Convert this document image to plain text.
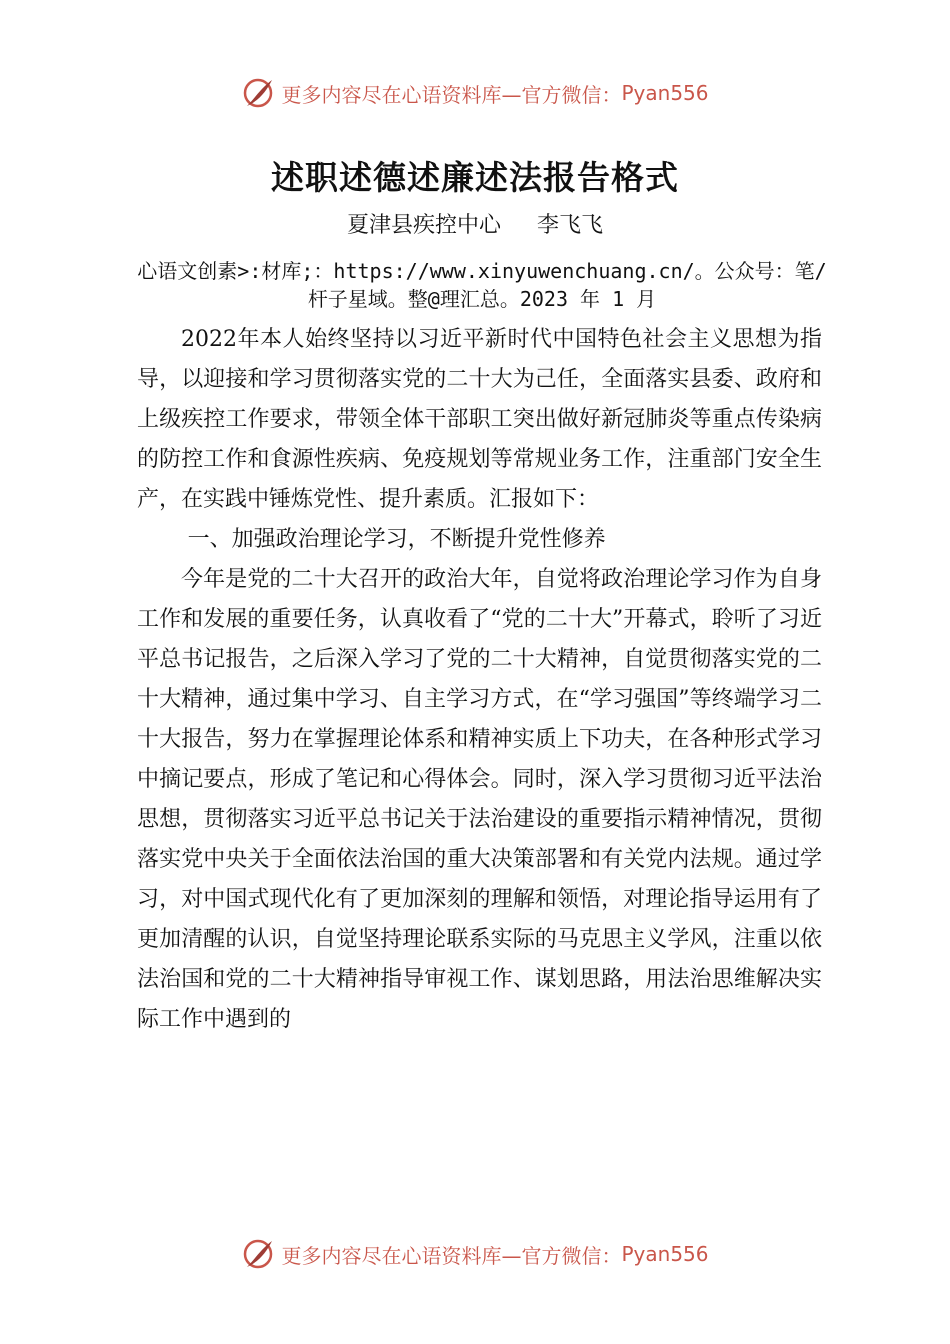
更多内容尽在心语资料库— 官方微信： Pyan556
述职述德述廉述法报告格式
夏津县疾控中心 李飞飞
心语文创素>:材库;：https://www.xinyuwenchuang.cn/。公众号：笔/杆子星域。整@理汇总。2023 年 1 月

2022年本人始终坚持以习近平新时代中国特色社会主义思想为指导，以迎接和学习贯彻落实党的二十大为己任，全面落实县委、政府和上级疾控工作要求，带领全体干部职工突出做好新冠肺炎等重点传染病的防控工作和食源性疾病、免疫规划等常规业务工作，注重部门安全生产，在实践中锤炼党性、提升素质。汇报如下：

一、加强政治理论学习，不断提升党性修养

今年是党的二十大召开的政治大年，自觉将政治理论学习作为自身工作和发展的重要任务，认真收看了“党的二十大”开幕式，聆听了习近平总书记报告，之后深入学习了党的二十大精神，自觉贯彻落实党的二十大精神，通过集中学习、自主学习方式，在“学习强国”等终端学习二十大报告，努力在掌握理论体系和精神实质上下功夫，在各种形式学习中摘记要点，形成了笔记和心得体会。同时，深入学习贯彻习近平法治思想，贯彻落实习近平总书记关于法治建设的重要指示精神情况，贯彻落实党中央关于全面依法治国的重大决策部署和有关党内法规。通过学习，对中国式现代化有了更加深刻的理解和领悟，对理论指导运用有了更加清醒的认识，自觉坚持理论联系实际的马克思主义学风，注重以依法治国和党的二十大精神指导审视工作、谋划思路，用法治思维解决实际工作中遇到的

更多内容尽在心语资料库— 官方微信： Pyan556
